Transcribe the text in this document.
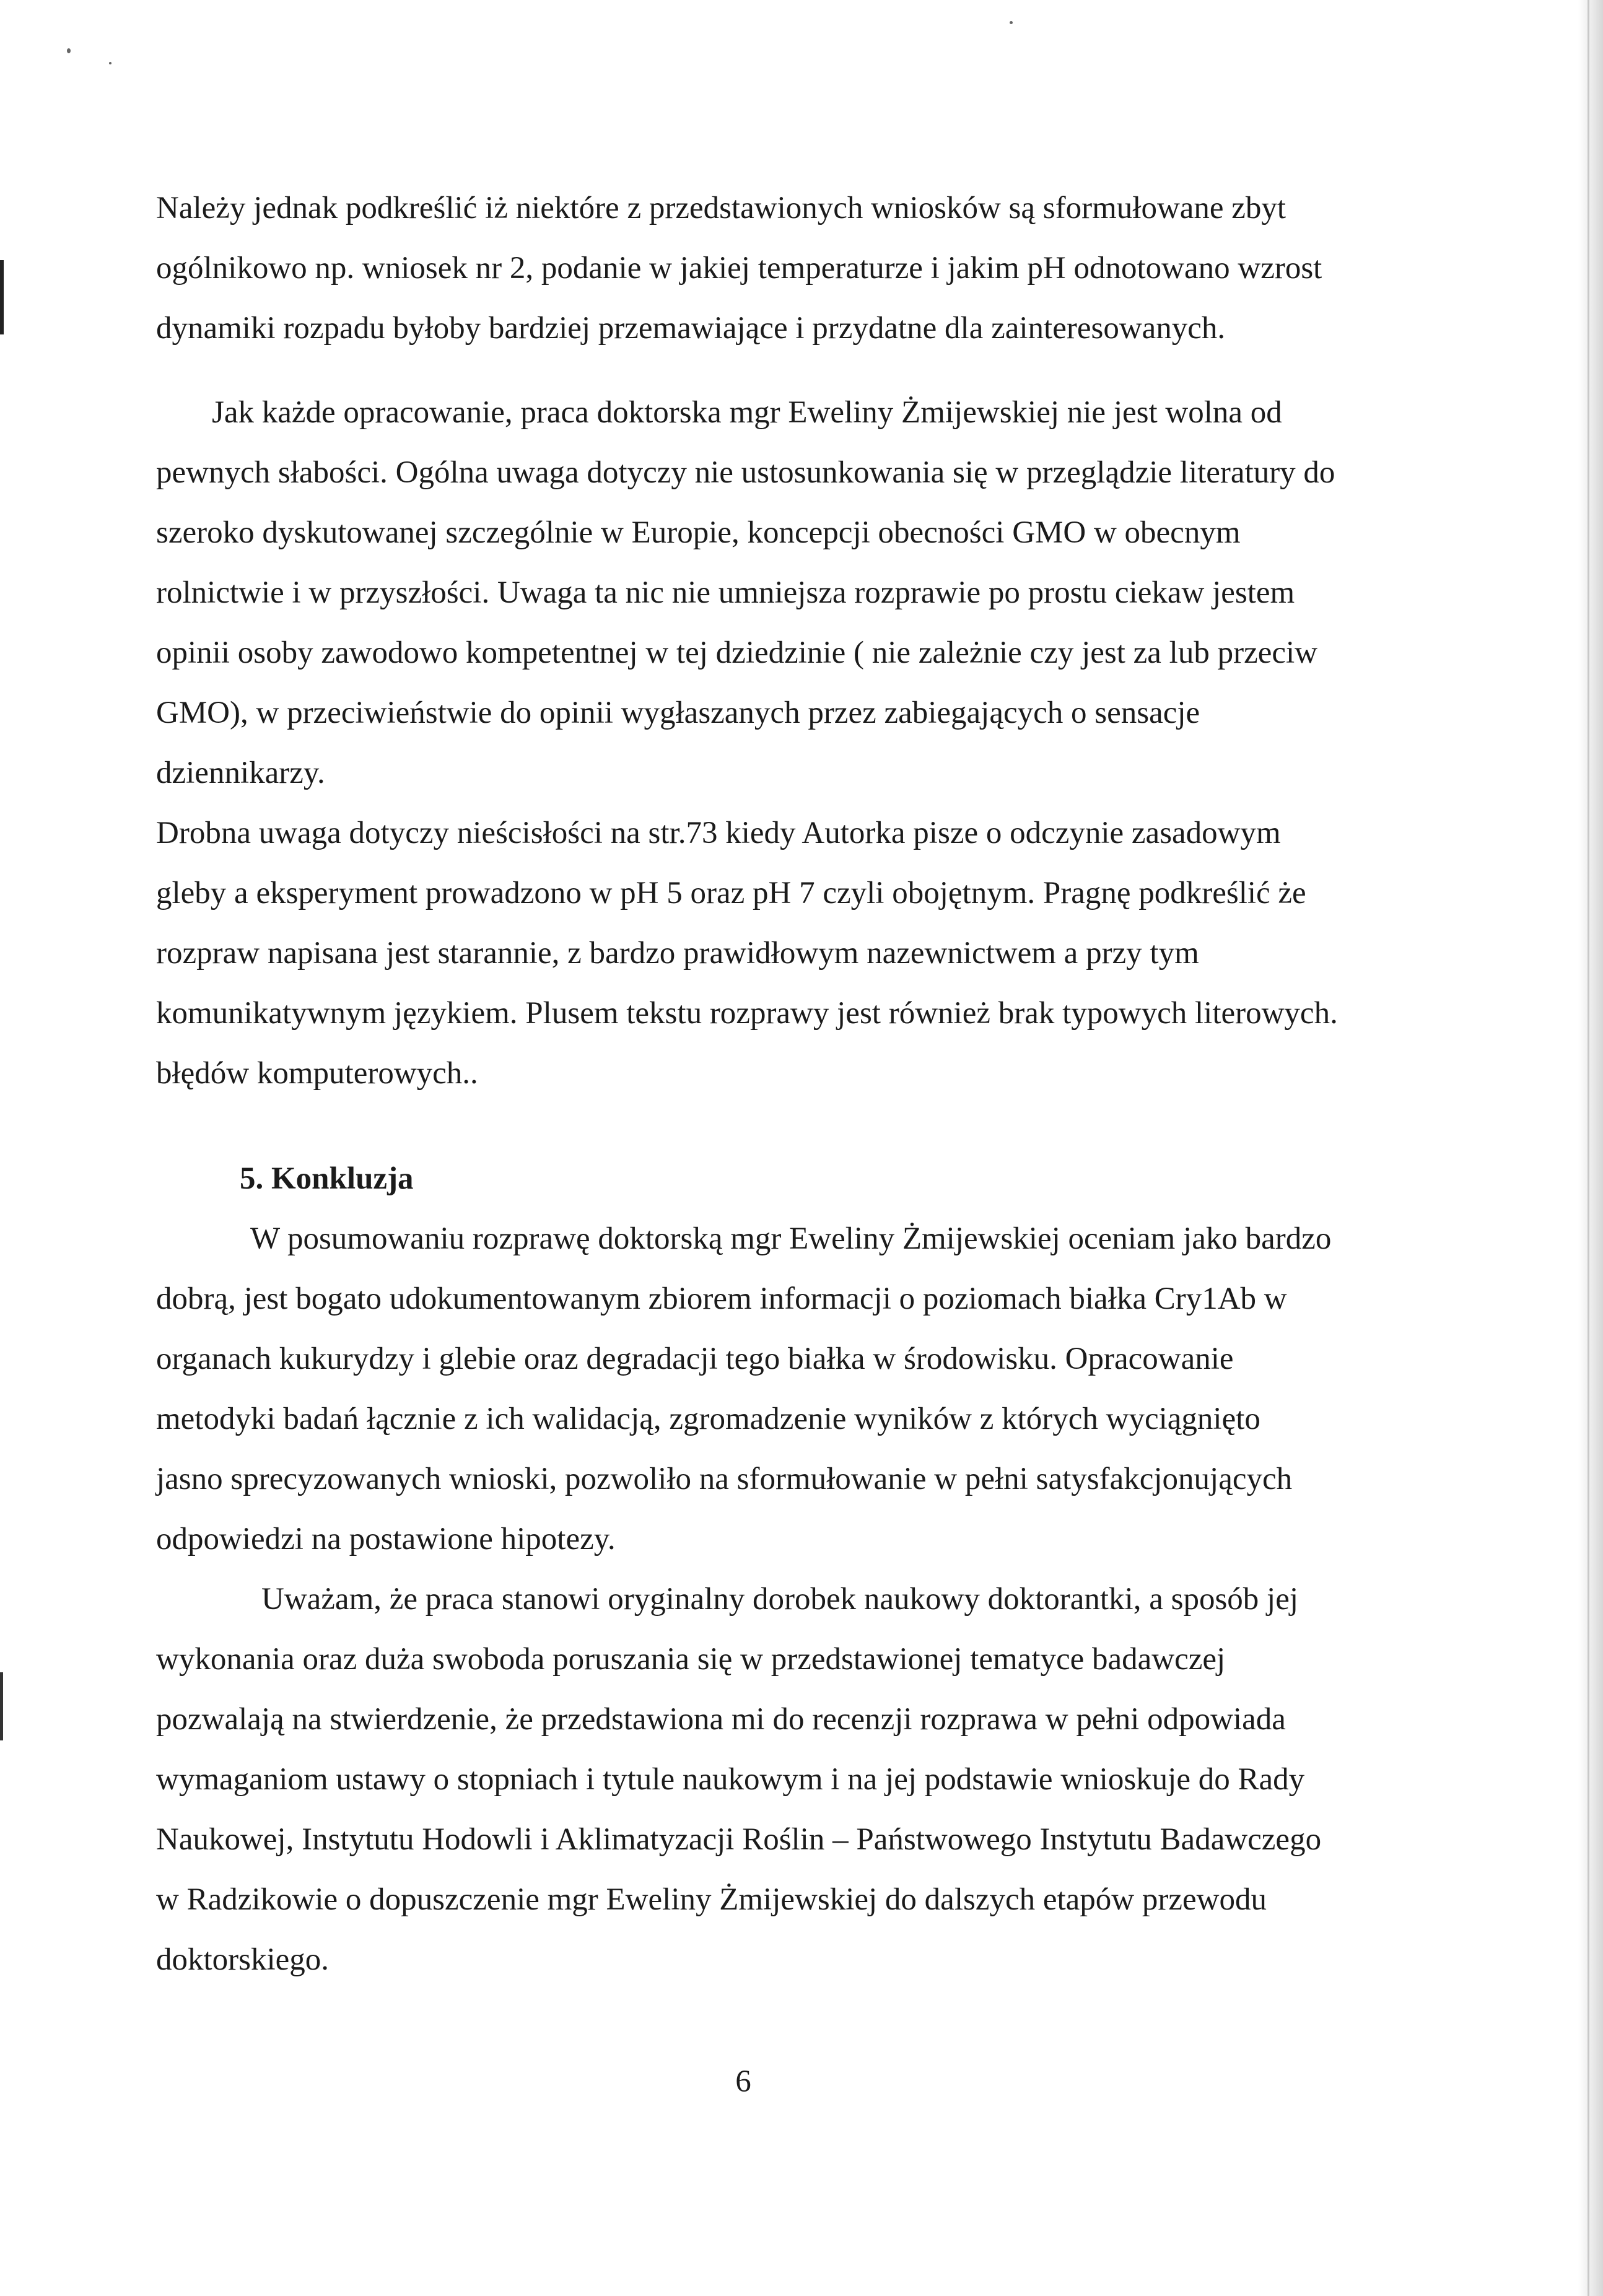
Należy jednak podkreślić iż niektóre z przedstawionych wniosków są sformułowane zbyt
ogólnikowo np. wniosek nr 2, podanie w jakiej temperaturze i jakim pH odnotowano wzrost
dynamiki rozpadu byłoby bardziej przemawiające i przydatne dla zainteresowanych.

Jak każde opracowanie, praca doktorska mgr Eweliny Żmijewskiej nie jest wolna od
pewnych słabości. Ogólna uwaga dotyczy nie ustosunkowania się w przeglądzie literatury do
szeroko dyskutowanej szczególnie w Europie, koncepcji obecności GMO w obecnym
rolnictwie i w przyszłości. Uwaga ta nic nie umniejsza rozprawie po prostu ciekaw jestem
opinii osoby zawodowo kompetentnej w tej dziedzinie ( nie zależnie czy jest za lub przeciw
GMO), w przeciwieństwie do opinii wygłaszanych przez zabiegających o sensacje
dziennikarzy.

Drobna uwaga dotyczy nieścisłości na str.73 kiedy Autorka pisze o odczynie zasadowym
gleby a eksperyment prowadzono w pH 5 oraz pH 7 czyli obojętnym. Pragnę podkreślić że
rozpraw napisana jest starannie, z bardzo prawidłowym nazewnictwem a przy tym
komunikatywnym językiem. Plusem tekstu rozprawy jest również brak typowych literowych.
błędów komputerowych..

5. Konkluzja

W posumowaniu rozprawę doktorską mgr Eweliny Żmijewskiej oceniam jako bardzo
dobrą, jest bogato udokumentowanym zbiorem informacji o poziomach białka Cry1Ab w
organach kukurydzy i glebie oraz degradacji tego białka w środowisku. Opracowanie
metodyki badań łącznie z ich walidacją, zgromadzenie wyników z których wyciągnięto
jasno sprecyzowanych wnioski, pozwoliło na sformułowanie w pełni satysfakcjonujących
odpowiedzi na postawione hipotezy.

Uważam, że praca stanowi oryginalny dorobek naukowy doktorantki, a sposób jej
wykonania oraz duża swoboda poruszania się w przedstawionej tematyce badawczej
pozwalają na stwierdzenie, że przedstawiona mi do recenzji rozprawa w pełni odpowiada
wymaganiom ustawy o stopniach i tytule naukowym i na jej podstawie wnioskuje do Rady
Naukowej, Instytutu Hodowli i Aklimatyzacji Roślin – Państwowego Instytutu Badawczego
w Radzikowie o dopuszczenie mgr Eweliny Żmijewskiej do dalszych etapów przewodu
doktorskiego.

6
